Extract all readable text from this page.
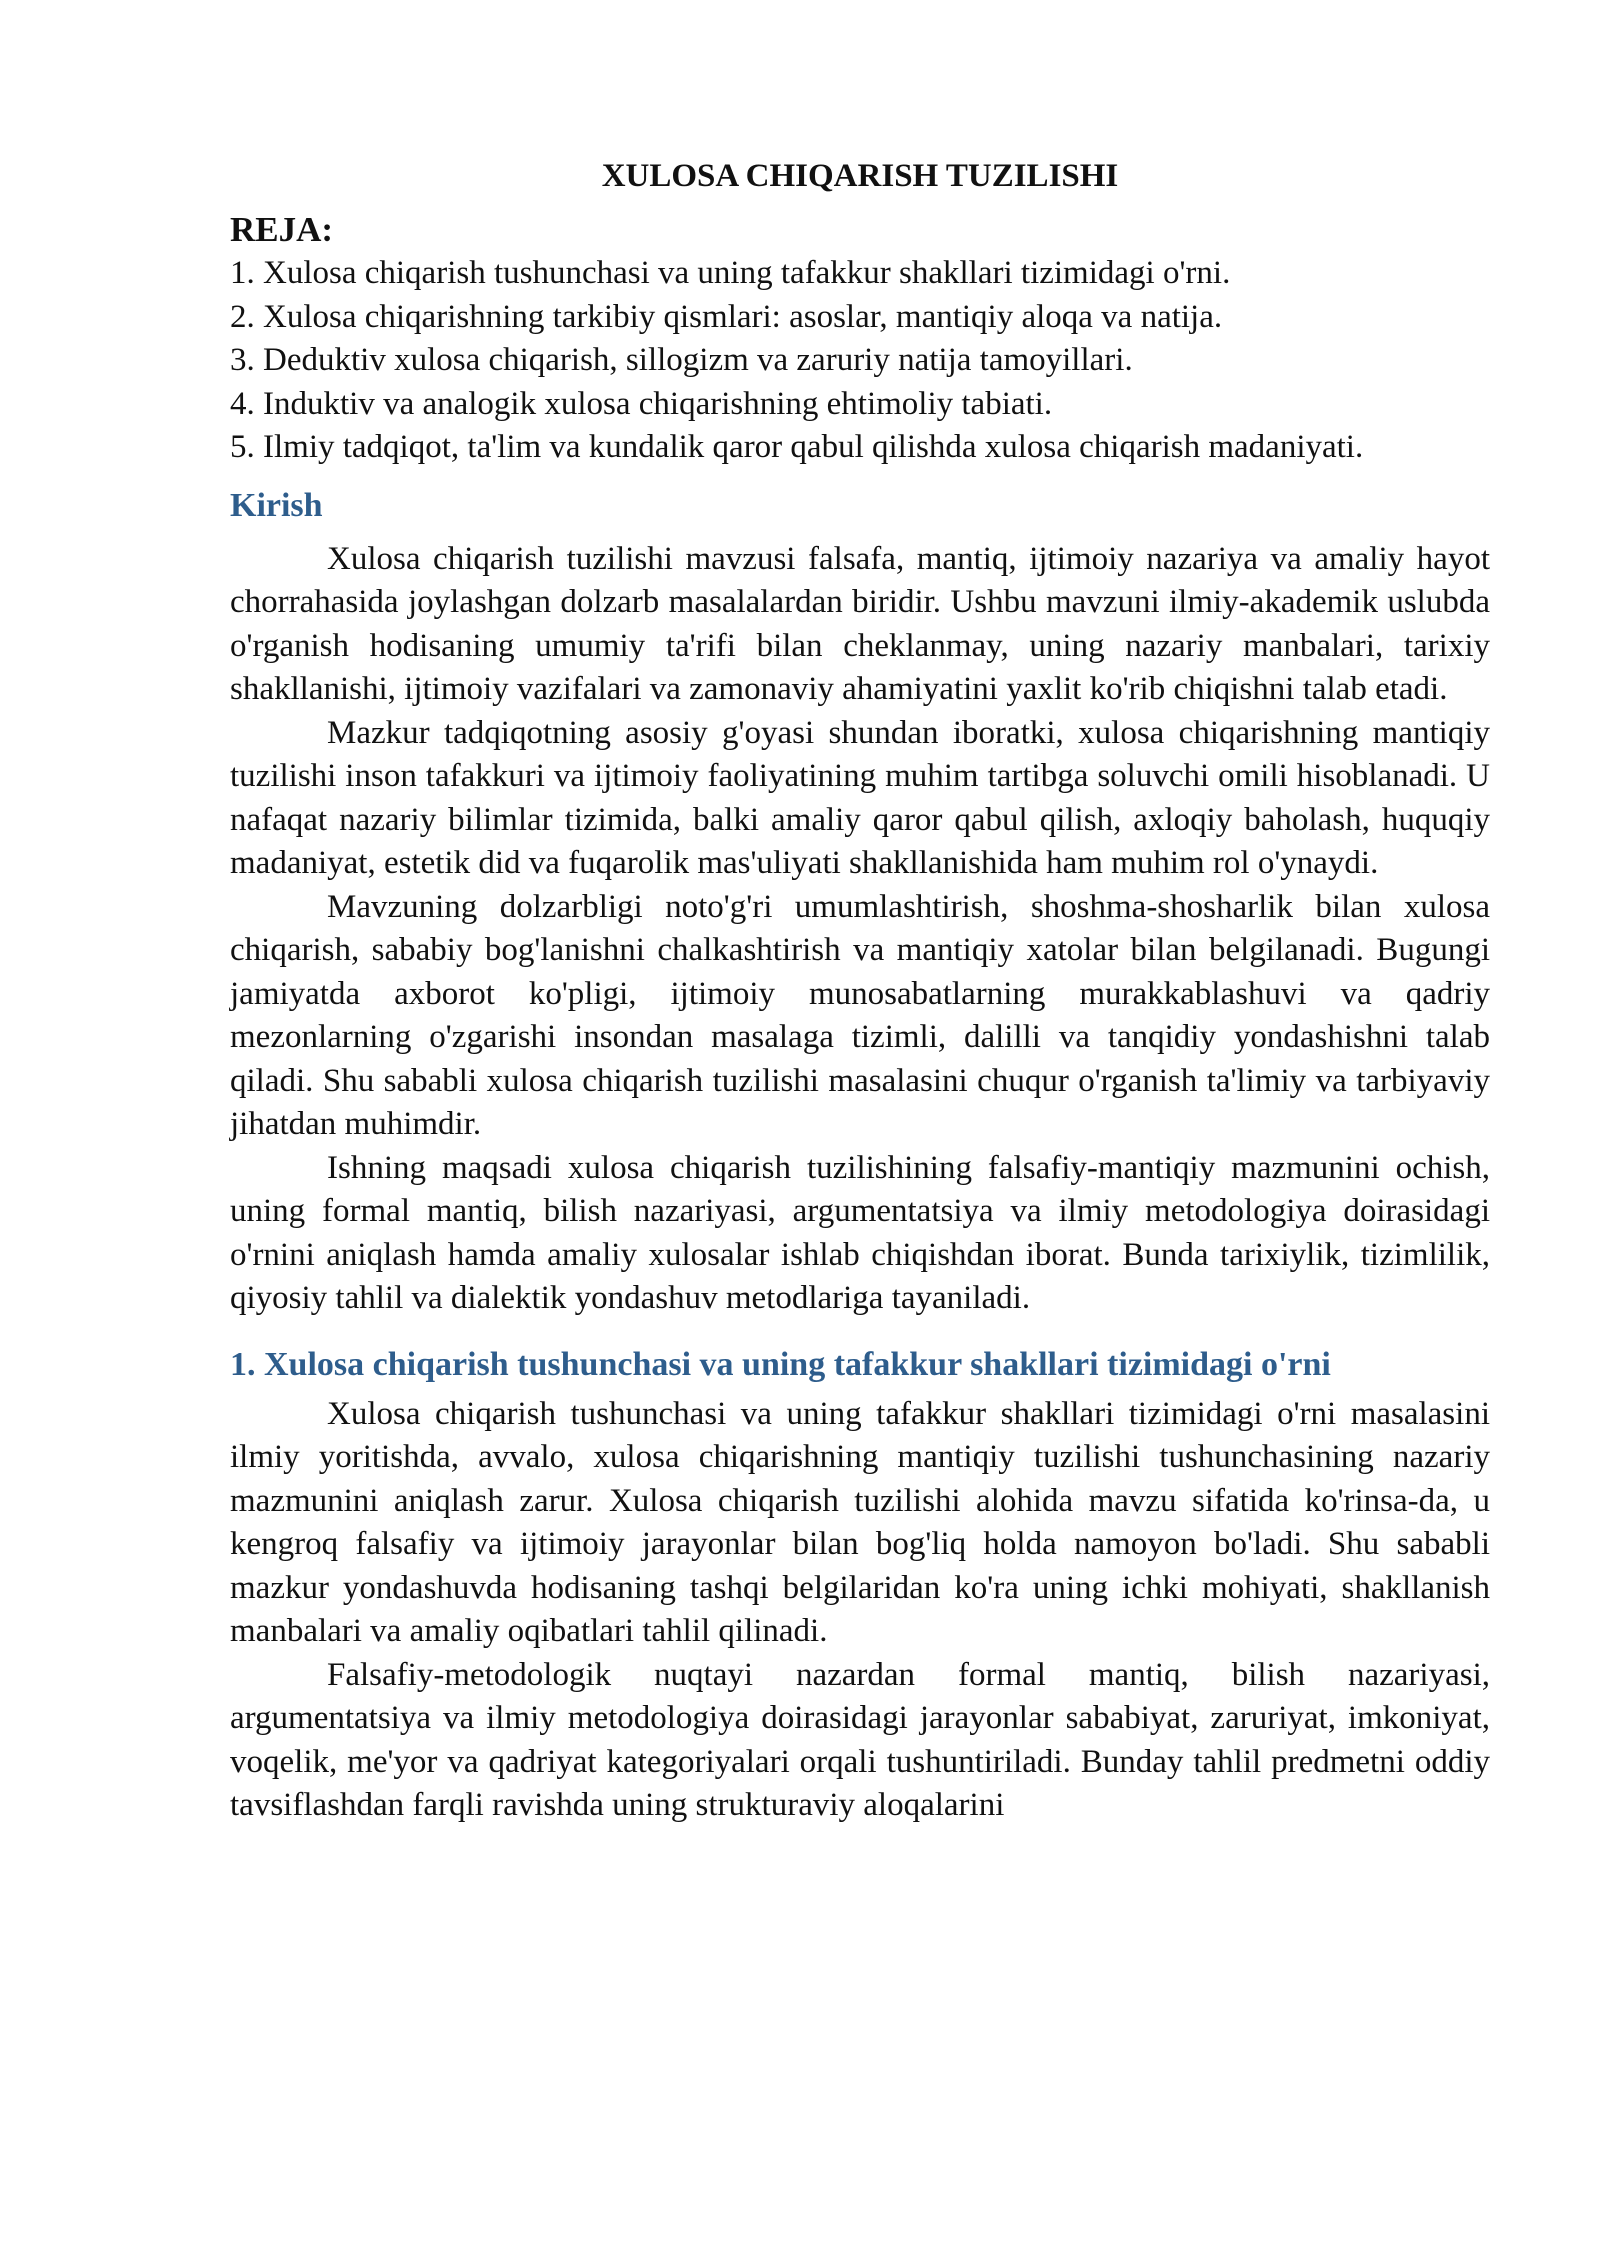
XULOSA CHIQARISH TUZILISHI
REJA:
1. Xulosa chiqarish tushunchasi va uning tafakkur shakllari tizimidagi o'rni.
2. Xulosa chiqarishning tarkibiy qismlari: asoslar, mantiqiy aloqa va natija.
3. Deduktiv xulosa chiqarish, sillogizm va zaruriy natija tamoyillari.
4. Induktiv va analogik xulosa chiqarishning ehtimoliy tabiati.
5. Ilmiy tadqiqot, ta'lim va kundalik qaror qabul qilishda xulosa chiqarish madaniyati.
Kirish

Xulosa chiqarish tuzilishi mavzusi falsafa, mantiq, ijtimoiy nazariya va amaliy hayot chorrahasida joylashgan dolzarb masalalardan biridir. Ushbu mavzuni ilmiy-akademik uslubda o'rganish hodisaning umumiy ta'rifi bilan cheklanmay, uning nazariy manbalari, tarixiy shakllanishi, ijtimoiy vazifalari va zamonaviy ahamiyatini yaxlit ko'rib chiqishni talab etadi.

Mazkur tadqiqotning asosiy g'oyasi shundan iboratki, xulosa chiqarishning mantiqiy tuzilishi inson tafakkuri va ijtimoiy faoliyatining muhim tartibga soluvchi omili hisoblanadi. U nafaqat nazariy bilimlar tizimida, balki amaliy qaror qabul qilish, axloqiy baholash, huquqiy madaniyat, estetik did va fuqarolik mas'uliyati shakllanishida ham muhim rol o'ynaydi.

Mavzuning dolzarbligi noto'g'ri umumlashtirish, shoshma-shosharlik bilan xulosa chiqarish, sababiy bog'lanishni chalkashtirish va mantiqiy xatolar bilan belgilanadi. Bugungi jamiyatda axborot ko'pligi, ijtimoiy munosabatlarning murakkablashuvi va qadriy mezonlarning o'zgarishi insondan masalaga tizimli, dalilli va tanqidiy yondashishni talab qiladi. Shu sababli xulosa chiqarish tuzilishi masalasini chuqur o'rganish ta'limiy va tarbiyaviy jihatdan muhimdir.

Ishning maqsadi xulosa chiqarish tuzilishining falsafiy-mantiqiy mazmunini ochish, uning formal mantiq, bilish nazariyasi, argumentatsiya va ilmiy metodologiya doirasidagi o'rnini aniqlash hamda amaliy xulosalar ishlab chiqishdan iborat. Bunda tarixiylik, tizimlilik, qiyosiy tahlil va dialektik yondashuv metodlariga tayaniladi.

1. Xulosa chiqarish tushunchasi va uning tafakkur shakllari tizimidagi o'rni

Xulosa chiqarish tushunchasi va uning tafakkur shakllari tizimidagi o'rni masalasini ilmiy yoritishda, avvalo, xulosa chiqarishning mantiqiy tuzilishi tushunchasining nazariy mazmunini aniqlash zarur. Xulosa chiqarish tuzilishi alohida mavzu sifatida ko'rinsa-da, u kengroq falsafiy va ijtimoiy jarayonlar bilan bog'liq holda namoyon bo'ladi. Shu sababli mazkur yondashuvda hodisaning tashqi belgilaridan ko'ra uning ichki mohiyati, shakllanish manbalari va amaliy oqibatlari tahlil qilinadi.

Falsafiy-metodologik nuqtayi nazardan formal mantiq, bilish nazariyasi, argumentatsiya va ilmiy metodologiya doirasidagi jarayonlar sababiyat, zaruriyat, imkoniyat, voqelik, me'yor va qadriyat kategoriyalari orqali tushuntiriladi. Bunday tahlil predmetni oddiy tavsiflashdan farqli ravishda uning strukturaviy aloqalarini
